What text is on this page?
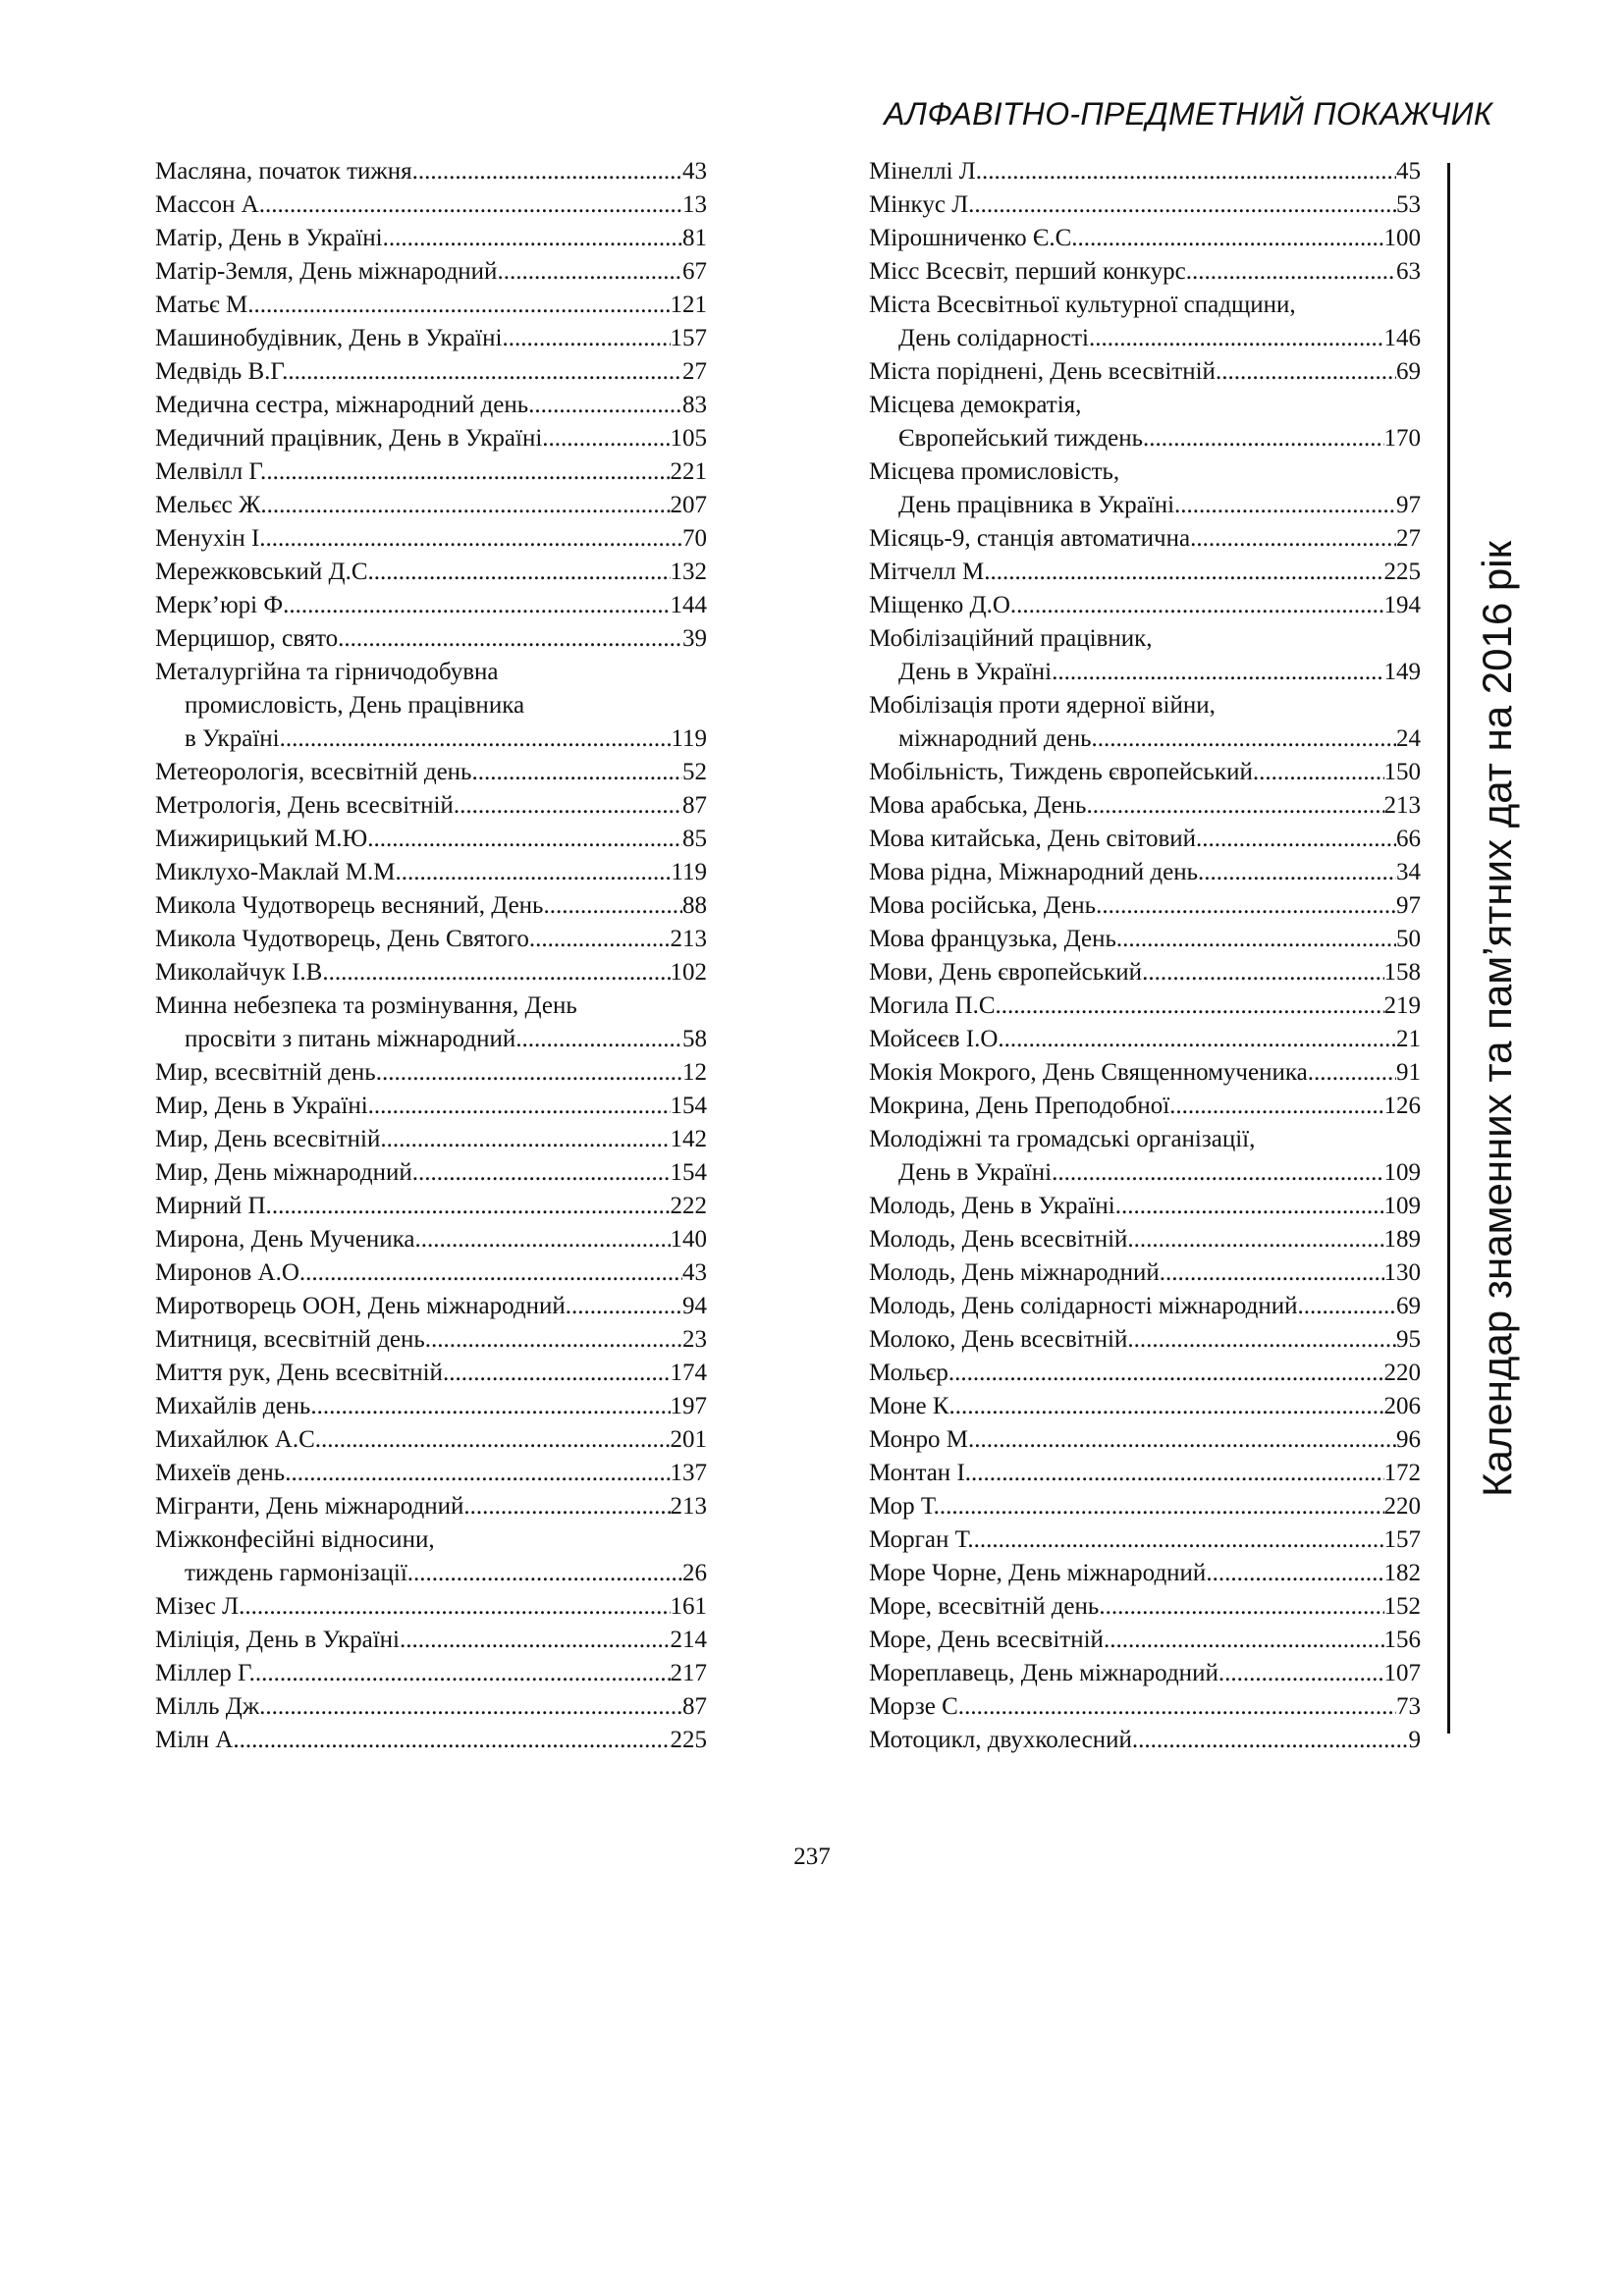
АЛФАВІТНО-ПРЕДМЕТНИЙ ПОКАЖЧИК
Масляна, початок тижня .....	43
Массон А. .....	13
Матір, День в Україні .....	81
Матір-Земля, День міжнародний .....	67
Матьє М. .....	121
Машинобудівник, День в Україні .....	157
Медвідь В.Г. .....	27
Медична сестра, міжнародний день .....	83
Медичний працівник, День в Україні .....	105
Мелвілл Г. .....	221
Мельєс Ж. .....	207
Менухін І. .....	70
Мережковський Д.С. .....	132
Мерк’юрі Ф. .....	144
Мерцишор, свято .....	39
Металургійна та гірничодобувна
промисловість, День працівника
в Україні .....	119
Метеорологія, всесвітній день .....	52
Метрологія, День всесвітній .....	87
Мижирицький М.Ю. .....	85
Миклухо-Маклай М.М. .....	119
Микола Чудотворець весняний, День .....	88
Микола Чудотворець, День Святого .....	213
Миколайчук І.В. .....	102
Минна небезпека та розмінування, День
просвіти з питань міжнародний .....	58
Мир, всесвітній день .....	12
Мир, День в Україні .....	154
Мир, День всесвітній .....	142
Мир, День міжнародний .....	154
Мирний П. .....	222
Мирона, День Мученика .....	140
Миронов А.О. .....	43
Миротворець ООН, День міжнародний .....	94
Митниця, всесвітній день .....	23
Миття рук, День всесвітній .....	174
Михайлів день .....	197
Михайлюк А.С. .....	201
Михеїв день .....	137
Мігранти, День міжнародний .....	213
Міжконфесійні відносини,
тиждень гармонізації .....	26
Мізес Л. .....	161
Міліція, День в Україні .....	214
Міллер Г. .....	217
Мілль Дж. .....	87
Мілн А. .....	225
Мінеллі Л. .....	45
Мінкус Л. .....	53
Мірошниченко Є.С. .....	100
Місс Всесвіт, перший конкурс .....	63
Міста Всесвітньої культурної спадщини,
День солідарності .....	146
Міста поріднені, День всесвітній .....	69
Місцева демократія,
Європейський тиждень .....	170
Місцева промисловість,
День працівника в Україні .....	97
Місяць-9, станція автоматична .....	27
Мітчелл М. .....	225
Міщенко Д.О. .....	194
Мобілізаційний працівник,
День в Україні .....	149
Мобілізація проти ядерної війни,
міжнародний день .....	24
Мобільність, Тиждень європейський .....	150
Мова арабська, День .....	213
Мова китайська, День світовий .....	66
Мова рідна, Міжнародний день .....	34
Мова російська, День .....	97
Мова французька, День .....	50
Мови, День європейський .....	158
Могила П.С. .....	219
Мойсеєв І.О. .....	21
Мокія Мокрого, День Священномученика .....	91
Мокрина, День Преподобної .....	126
Молодіжні та громадські організації,
День в Україні .....	109
Молодь, День в Україні .....	109
Молодь, День всесвітній .....	189
Молодь, День міжнародний .....	130
Молодь, День солідарності міжнародний .....	69
Молоко, День всесвітній .....	95
Мольєр .....	220
Моне К. .....	206
Монро М. .....	96
Монтан І. .....	172
Мор Т. .....	220
Морган Т. .....	157
Море Чорне, День міжнародний .....	182
Море, всесвітній день .....	152
Море, День всесвітній .....	156
Мореплавець, День міжнародний .....	107
Морзе С. .....	73
Мотоцикл, двухколесний .....	9
Календар знаменних та пам’ятних дат на 2016 рік
237
